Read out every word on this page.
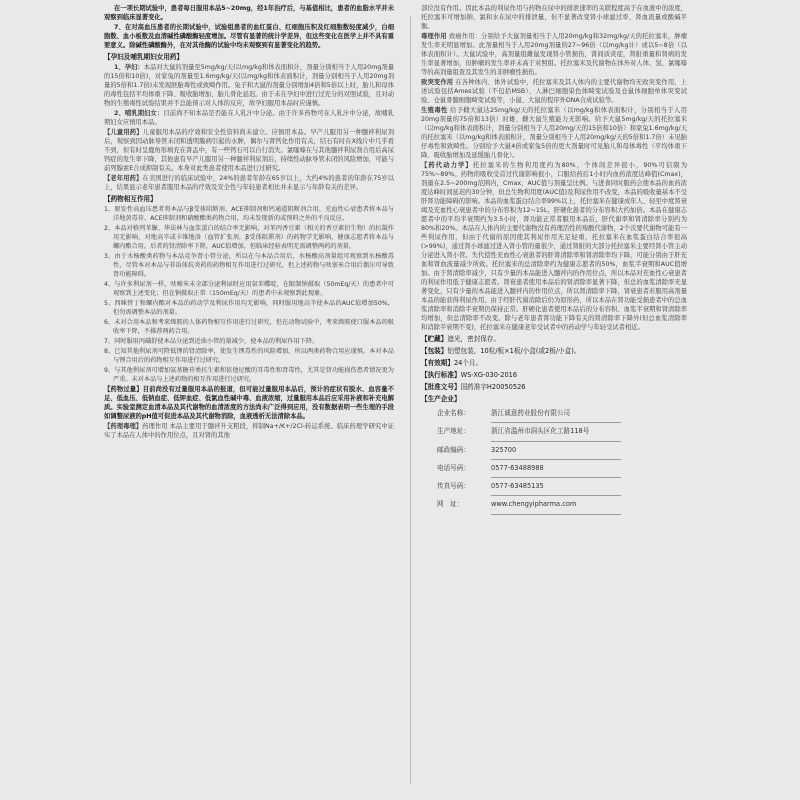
在一项长期试验中，患者每日服用本品5~20mg，经1年治疗后，与基值相比，患者的血脂水平并未观察到临床显著变化。

7、在对高血压患者的长期试验中，试验组患者的血红蛋白、红细胞压积及红细胞数轻度减少，白细胞数、血小板数及血清碱性磷酸酶轻度增加。尽管有显著的统计学差异，但这些变化在医学上并不具有重要意义。除碱性磷酸酶外，在对其他酶的试验中均未观察到有显著变化的趋势。

【孕妇及哺乳期妇女用药】
1、孕妇：本品对大鼠的剂量至5mg/kg/天(以mg/kg和体表面积计，剂量分别相当于人用20mg剂量的15倍和10倍)，对家兔的剂量至1.6mg/kg/天(以mg/kg和体表面积计，剂量分别相当于人用20mg剂量的5倍和1.7倍)未发现胚胎毒性或致畸作用。兔子和大鼠的剂量分别增加4倍和5倍以上时，胎儿和母体的毒性包括平均体重下降、吸收胎增加、胎儿骨化延迟。由于未在孕妇中进行过充分的对照试验，且对动物的生殖毒性试验结果并不总能预示对人体的反应，故孕妇服用本品时应谨慎。
2、哺乳期妇女：目前尚不知本品是否能在人乳汁中分泌。由于许多药物可在人乳汁中分泌，故哺乳期妇女应慎用本品。
【儿童用药】儿童服用本品的疗效和安全性资料尚未建立。应慎用本品。早产儿服用另一种髓袢利尿剂后，观察到因动脉导管未闭和透明膜病引起的水肿，偶尔与肾钙化作用有关，结石有时在X线片中几乎看不到，但有时呈鹿角形填充在肾盂中，有一些钙石可以自行消失。氯噻嗪在与其他髓袢利尿剂合用后高尿钙症的发生率下降，其他患有早产儿服用另一种髓袢利尿剂后，持续性动脉导管未闭的风险增加，可能与前列腺素E合成抑制有关。本身对此类患者使用本品进行过研究。
【老年用药】在美国进行的临床试验中，24%的患者年龄在65岁以上，大约4%的患者的年龄在75岁以上，结果显示老年患者服用本品的疗效及安全性与年轻患者相比并未显示与年龄有关的差异。
【药物相互作用】
1、原发性高血压患者将本品与β受体阻断剂、ACE抑制剂和钙通道阻断剂合用，充血性心衰患者将本品与洋地黄毒苷、ACE抑制剂和硝酸酯类药物合用，均未发现新的或预料之外的不良反应。
2、本品对格列苯脲、华法林与血浆蛋白的结合率无影响，对苯丙香豆素（相关的香豆素衍生物）的抗凝作用无影响，对地高辛或卡维地洛（血管扩张剂，β受体阻滞剂）的药物学无影响，健康志愿者将本品与螺内酯合用，后者的肾清除率下降，AUC值增加，但临床经验表明无需调整两药的剂量。
3、由于水杨酸类药物与本品竞争肾小管分泌，所以在与本品合用后，水杨酸高剂量组可观察到水杨酸毒性，尽管本对本品与非甾体抗炎药的药物相互作用进行过研究，但上述药物与呋塞米合用后偶尔可导致肾功能障碍。
4、与许多利尿剂一样，呋噻米未全部分泌利尿时应用氨苯蝶啶，在限制钠摄取（50mEq/天）的患者中可观察到上述变化；但在钠摄取正常（150mEq/天）的患者中未观察到此现象。
5、西咪替丁和螺内酯对本品的药动学及利尿作用均无影响，同时服用地高辛使本品的AUC值增加50%，但勿需调整本品的剂量。
6、未对合用本品和考来烯胺的人体药物相互作用进行过研究，但在动物试验中，考来烯胺使口服本品的吸收率下降，不推荐两药合用。
7、同时服用丙磺舒使本品分泌到近曲小管的量减少，使本品的利尿作用下降。
8、已知其他利尿剂可降低锂的肾清除率，使发生锂毒性的风险增加，所以两类药物合用应谨慎。本对本品与锂合用后的药物相互作用进行过研究。
9、与其他利尿剂可增加氨基糖苷类抗生素和依他尼酸的耳毒性和肾毒性，尤其是肾功能损伤患者情况更为严重。未对本品与上述药物的相互作用进行过研究。
【药物过量】目前尚没有过量服用本品的报道，但可能过量服用本品后，预计的症状有脱水、血容量不足、低血压、低钠血症、低钾血症、低氯血性碱中毒、血液浓缩，过量服用本品后应采用补液和补充电解质。实验室测定血清本品及其代谢物的血清浓度的方法尚未广泛得到应用，没有数据表明一些生理的手段如调整尿液的pH值可促进本品及其代谢物消除，血液透析无法清除本品。
【药理毒理】药理作用 本品主要用于髓袢升支粗段，抑制Na+/K+/2Cl-转运系统。临床药理学研究中证实了本品在人体中的作用位点，且对肾的其他

部位没有作用。因此本品的利尿作用与药物在尿中的排泄速率的关联程度高于在血液中的浓度，托拉塞米可增加钠、氯和水在尿中的排泄量，但不显著改变肾小球滤过率、肾血流量或酸碱平衡。

毒理作用 致癌作用：分别给予大鼠剂量相当于人用20mg/kg和32mg/kg/天的托拉塞米，肿瘤发生率无明显增加。此剂量相当于人用20mg剂量的27~96倍（以mg/kg计）或以5~8倍（以体表面积计）。大鼠试验中，高剂量组雌鼠发现肾小管损伤，肾间质炎症，肾脏重量和肾病的发生率显著增加，但肿瘤的发生率并未高于对照组。托拉塞米及代谢物在体外对人体、氢、氯噻嗪等的高剂量组查及其发生的非肿瘤性损伤。
致突变作用 在各种体内、体外试验中，托拉塞米及其人体内的主要代谢物均无致突变作用，上述试验包括Ames试验（不包括MSB）、人淋巴细胞染色体畸变试验及仓鼠体细胞单体突变试验、仓鼠骨髓细胞畸变试验等，小鼠、大鼠的程序外DNA合成试验等。
生殖毒性 给予雌大鼠达25mg/kg/天的托拉塞米（以mg/kg和体表面积计，分别相当于人用20mg剂量的75倍和13倍）时雄、雌大鼠生殖能力无影响。给予大鼠5mg/kg/天的托拉塞米（以mg/kg和体表面积计，剂量分别相当于人用20mg/天的15倍和10倍）和家兔1.6mg/kg/天的托拉塞米（以mg/kg和体表面积计，剂量分别相当于人用20mg/kg/天的5倍和1.7倍）未见胎仔毒性和致畸性。分别给予大鼠4倍或家兔5倍的更大剂量时可见胎儿和母体毒性（平均体重下降、吸收胎增加及延缓胎儿骨化）。
【药代动力学】托拉塞米的生物利用度约为80%，个体间差异很小，90%可信限为75%~89%。药物的吸收受首过代谢影响很小，口服给药后1小时内血药浓度达峰值(Cmax)，剂量在2.5~200mg范围内，Cmax、AUC值与剂量呈比例。与进食同时服药会使本品的血药浓度达峰时间延迟约30分钟，但总生物利用度(AUC值)及利尿作用不改变，本品的吸收量基本不受肝肾功能障碍的影响。本品的血浆蛋白结合率99%以上，托拉塞米在健康成年人、轻至中度肾衰竭及充血性心衰患者中的分布容积为12~15L，肝硬化患者的分布容积大约加倍。本品在健康志愿者中的平均半衰期约为3.5小时，肾功能正常者服用本品后，肝代谢率和肾清除率分别约为80%和20%。本品在人体内的主要代谢物没有药理活性的羧酸代谢物，2个次要代谢物可能有一些利尿作用，但由于代谢的原因使其利尿作用无足轻重，托拉塞米在血浆蛋白结合率很高(>99%)，通过肾小球滤过进入肾小管的量很少，通过肾脏的大部分托拉塞米主要经肾小管主动分泌进入肾小管。失代偿性充血性心衰患者的肝肾清除率和肾清除率均下降，可能分别由于肝充血和肾血流量减少所致。托拉塞米的总清除率约为健康志愿者的50%，血浆半衰期和AUC值增加。由于肾清除率减少，只有少量的本品能进入髓袢内的作用位点，所以本品对充血性心衰患者的利尿作用低于健康志愿者。肾衰患者使用本品后的肾清除率显著下降，但总的血浆清除率无显著变化，只有少量的本品能进入髓袢内的作用位点，所以肾清除率下降，肾衰患者若服用高剂量本品的能获得利尿作用。由于经肝代谢消除后仍为原形药，所以本品在肾功能受损患者中的总血浆清除率和消除半衰期仍保持正常。肝硬化患者使用本品后的分布容积、血浆半衰期和肾清除率均增加，但总清除率不改变。除与老年患者肾功能下降有关的肾清除率下降外(但总血浆清除率和消除半衰期不变)，托拉塞米在健康老年受试者中的药动学与年轻受试者相近。
【贮藏】遮光，密封保存。
【包装】铝塑包装，10粒/板×1板/小盒(或2板/小盒)。
【有效期】24个月。
【执行标准】WS-XG-030-2016
【批准文号】国药准字H20050526
【生产企业】
企业名称：	浙江诚意药业股份有限公司
生产地址：	浙江省温州市洞头区化工路118号
邮政编码：	325700
电话号码：	0577-63488988
传真号码：	0577-63485135
网　址：	www.chengyipharma.com
